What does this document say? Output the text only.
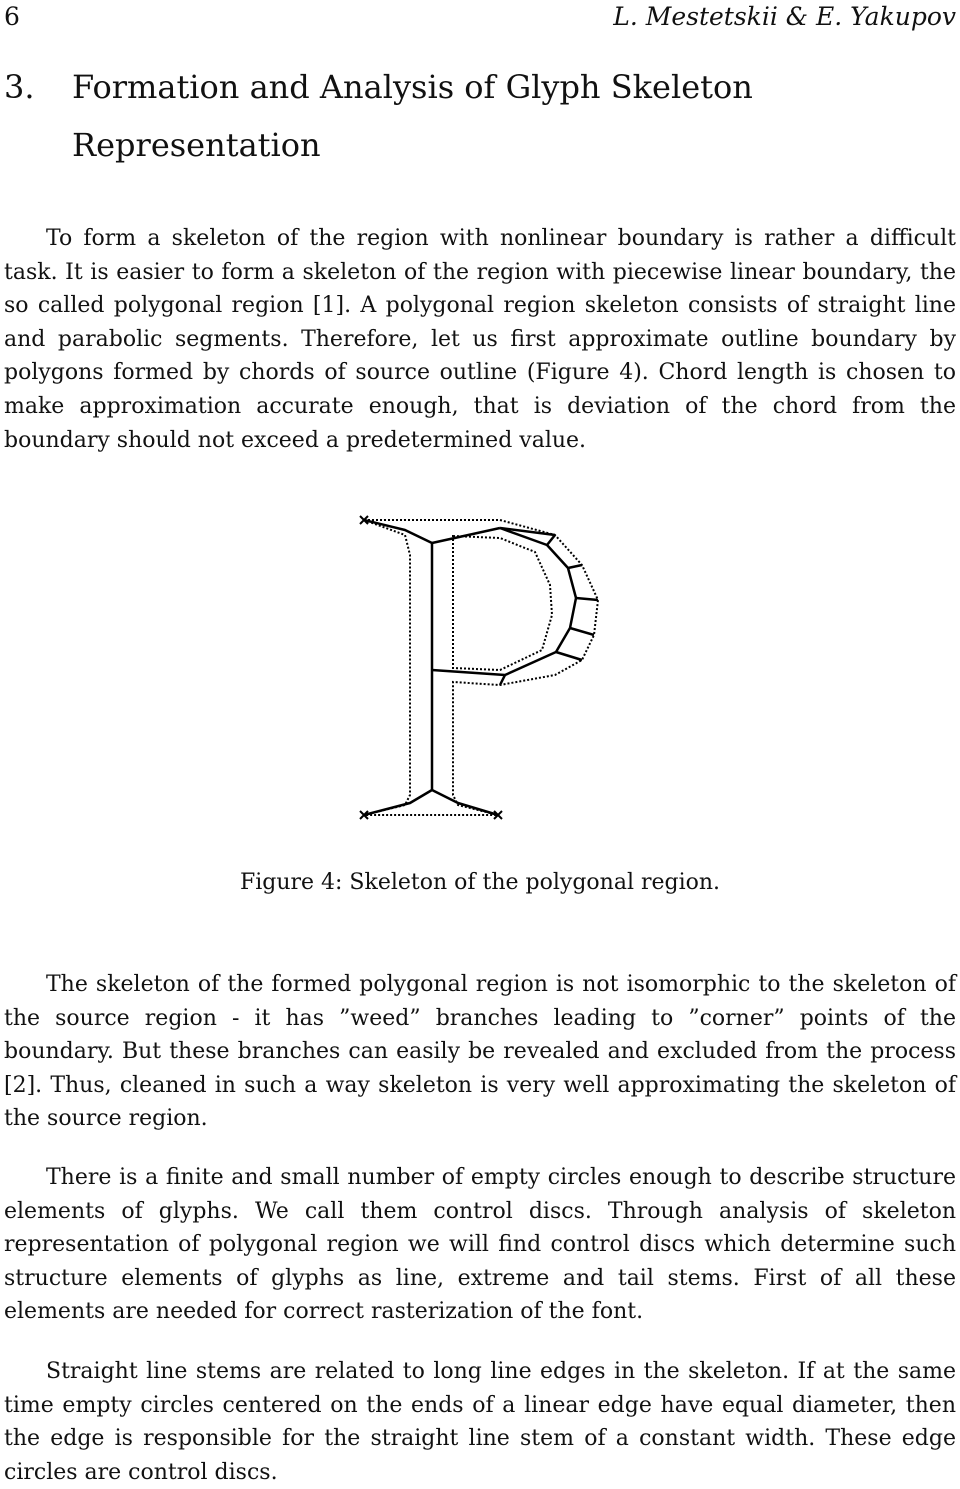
6	L. Mestetskii & E. Yakupov
3. Formation and Analysis of Glyph Skeleton
Representation

To form a skeleton of the region with nonlinear boundary is rather a difficult task. It is easier to form a skeleton of the region with piecewise linear boundary, the so called polygonal region [1]. A polygonal region skeleton consists of straight line and parabolic segments. Therefore, let us first approximate outline boundary by polygons formed by chords of source outline (Figure 4). Chord length is chosen to make approximation accurate enough, that is deviation of the chord from the boundary should not exceed a predetermined value.

Figure 4: Skeleton of the polygonal region.

The skeleton of the formed polygonal region is not isomorphic to the skeleton of the source region - it has ”weed” branches leading to ”corner” points of the boundary. But these branches can easily be revealed and excluded from the process [2]. Thus, cleaned in such a way skeleton is very well approximating the skeleton of the source region.

There is a finite and small number of empty circles enough to describe structure elements of glyphs. We call them control discs. Through analysis of skeleton representation of polygonal region we will find control discs which determine such structure elements of glyphs as line, extreme and tail stems. First of all these elements are needed for correct rasterization of the font.

Straight line stems are related to long line edges in the skeleton. If at the same time empty circles centered on the ends of a linear edge have equal diameter, then the edge is responsible for the straight line stem of a constant width. These edge circles are control discs.
